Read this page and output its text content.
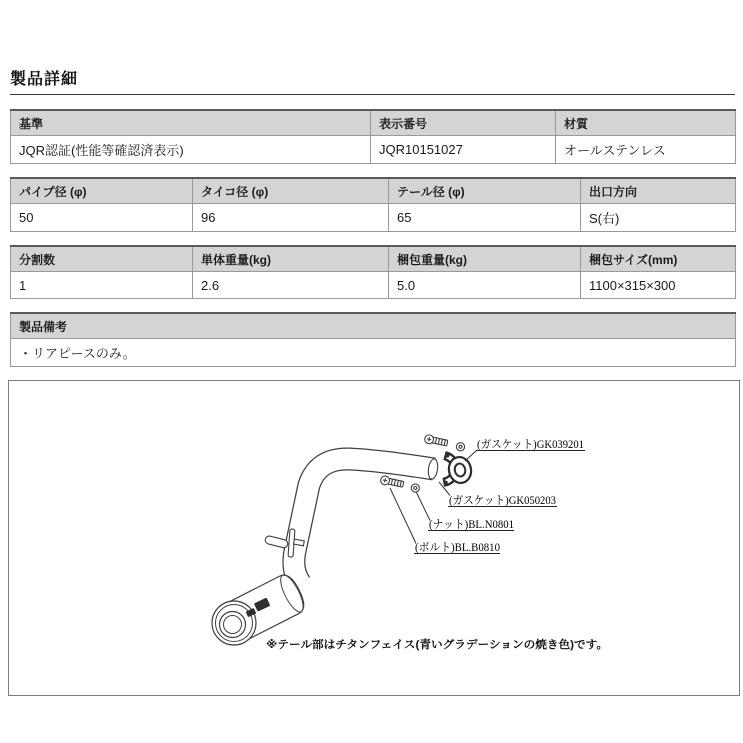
製品詳細
基準	表示番号	材質
JQR認証(性能等確認済表示)	JQR10151027	オールステンレス
パイプ径 (φ)	タイコ径 (φ)	テール径 (φ)	出口方向
50	96	65	S(右)
分割数	単体重量(kg)	梱包重量(kg)	梱包サイズ(mm)
1	2.6	5.0	1100×315×300
製品備考
・リアピースのみ。
(ガスケット)GK039201
(ガスケット)GK050203
(ナット)BL.N0801
(ボルト)BL.B0810
※テール部はチタンフェイス(青いグラデーションの焼き色)です。
